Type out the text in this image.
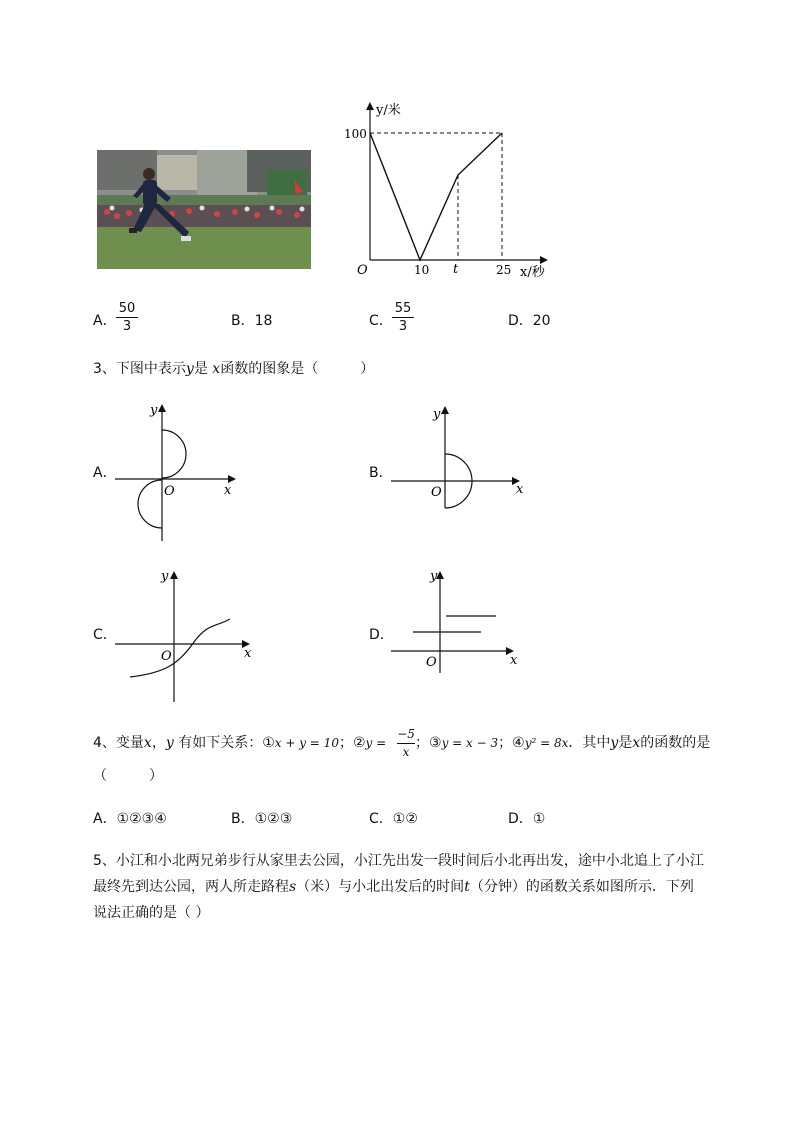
y/米
100
O	10 t	25 x/秒
A．
50
3	B．18	C．
55
3	D．20
3、下图中表示y是 x函数的图象是（　　　）
A．
y
O	x
B．
y
O	x
C．
y
O	x
D．
y
O	x
4、变量x，y 有如下关系：①x + y = 10；②y =
−5
x
；③y = x − 3；④y² = 8x．其中y是x的函数的是
（　　　）
A．①②③④	B．①②③	C．①②	D．①
5、小江和小北两兄弟步行从家里去公园，小江先出发一段时间后小北再出发，途中小北追上了小江
最终先到达公园，两人所走路程s（米）与小北出发后的时间t（分钟）的函数关系如图所示．下列
说法正确的是（ ）
